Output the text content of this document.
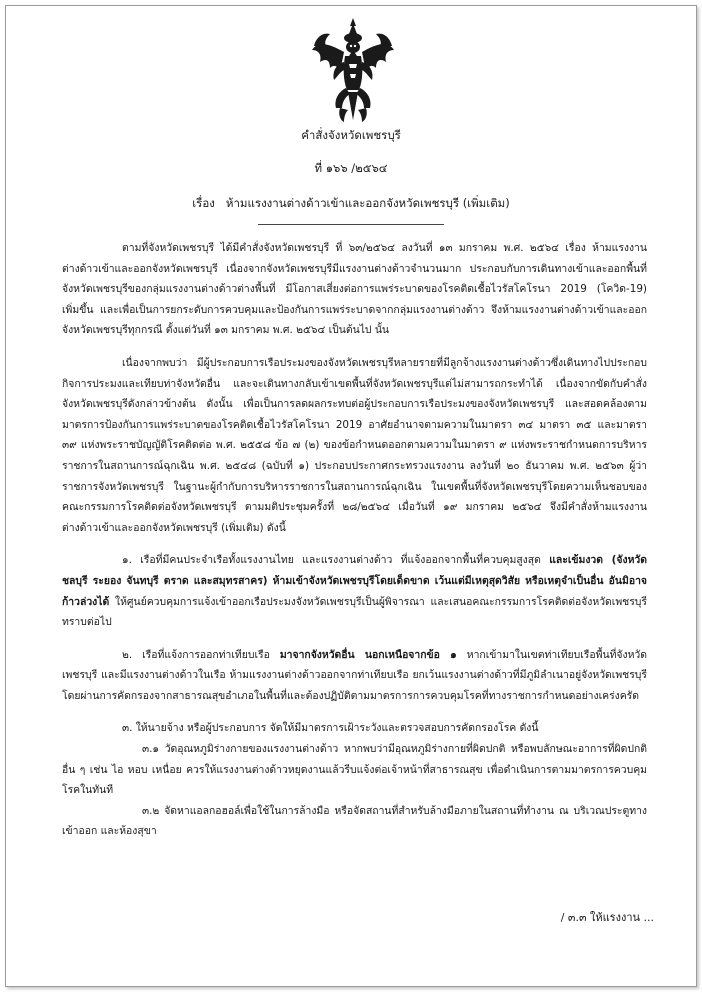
คำสั่งจังหวัดเพชรบุรี
ที่ ๑๖๖ /๒๕๖๔
เรื่อง ห้ามแรงงานต่างด้าวเข้าและออกจังหวัดเพชรบุรี (เพิ่มเติม)

ตามที่จังหวัดเพชรบุรี ได้มีคำสั่งจังหวัดเพชรบุรี ที่ ๖๓/๒๕๖๔ ลงวันที่ ๑๓ มกราคม พ.ศ. ๒๕๖๔ เรื่อง ห้ามแรงงานต่างด้าวเข้าและออกจังหวัดเพชรบุรี เนื่องจากจังหวัดเพชรบุรีมีแรงงานต่างด้าวจำนวนมาก ประกอบกับการเดินทางเข้าและออกพื้นที่จังหวัดเพชรบุรีของกลุ่มแรงงานต่างด้าวต่างพื้นที่ มีโอกาสเสี่ยงต่อการแพร่ระบาดของโรคติดเชื้อไวรัสโคโรนา 2019 (โควิด-19) เพิ่มขึ้น และเพื่อเป็นการยกระดับการควบคุมและป้องกันการแพร่ระบาดจากกลุ่มแรงงานต่างด้าว จึงห้ามแรงงานต่างด้าวเข้าและออกจังหวัดเพชรบุรีทุกกรณี ตั้งแต่วันที่ ๑๓ มกราคม พ.ศ. ๒๕๖๔ เป็นต้นไป นั้น

เนื่องจากพบว่า มีผู้ประกอบการเรือประมงของจังหวัดเพชรบุรีหลายรายที่มีลูกจ้างแรงงานต่างด้าวซึ่งเดินทางไปประกอบกิจการประมงและเทียบท่าจังหวัดอื่น และจะเดินทางกลับเข้าเขตพื้นที่จังหวัดเพชรบุรีแต่ไม่สามารถกระทำได้ เนื่องจากขัดกับคำสั่งจังหวัดเพชรบุรีดังกล่าวข้างต้น ดังนั้น เพื่อเป็นการลดผลกระทบต่อผู้ประกอบการเรือประมงของจังหวัดเพชรบุรี และสอดคล้องตามมาตรการป้องกันการแพร่ระบาดของโรคติดเชื้อไวรัสโคโรนา 2019 อาศัยอำนาจตามความในมาตรา ๓๔ มาตรา ๓๕ และมาตรา ๓๙ แห่งพระราชบัญญัติโรคติดต่อ พ.ศ. ๒๕๕๘ ข้อ ๗ (๒) ของข้อกำหนดออกตามความในมาตรา ๙ แห่งพระราชกำหนดการบริหารราชการในสถานการณ์ฉุกเฉิน พ.ศ. ๒๕๔๘ (ฉบับที่ ๑) ประกอบประกาศกระทรวงแรงงาน ลงวันที่ ๒๐ ธันวาคม พ.ศ. ๒๕๖๓ ผู้ว่าราชการจังหวัดเพชรบุรี ในฐานะผู้กำกับการบริหารราชการในสถานการณ์ฉุกเฉิน ในเขตพื้นที่จังหวัดเพชรบุรีโดยความเห็นชอบของคณะกรรมการโรคติดต่อจังหวัดเพชรบุรี ตามมติประชุมครั้งที่ ๒๘/๒๕๖๔ เมื่อวันที่ ๑๙ มกราคม ๒๕๖๔ จึงมีคำสั่งห้ามแรงงานต่างด้าวเข้าและออกจังหวัดเพชรบุรี (เพิ่มเติม) ดังนี้

๑. เรือที่มีคนประจำเรือทั้งแรงงานไทย และแรงงานต่างด้าว ที่แจ้งออกจากพื้นที่ควบคุมสูงสุด และเข้มงวด (จังหวัดชลบุรี ระยอง จันทบุรี ตราด และสมุทรสาคร) ห้ามเข้าจังหวัดเพชรบุรีโดยเด็ดขาด เว้นแต่มีเหตุสุดวิสัย หรือเหตุจำเป็นอื่น อันมิอาจก้าวล่วงได้ ให้ศูนย์ควบคุมการแจ้งเข้าออกเรือประมงจังหวัดเพชรบุรีเป็นผู้พิจารณา และเสนอคณะกรรมการโรคติดต่อจังหวัดเพชรบุรีทราบต่อไป

๒. เรือที่แจ้งการออกท่าเทียบเรือ มาจากจังหวัดอื่น นอกเหนือจากข้อ ๑ หากเข้ามาในเขตท่าเทียบเรือพื้นที่จังหวัดเพชรบุรี และมีแรงงานต่างด้าวในเรือ ห้ามแรงงานต่างด้าวออกจากท่าเทียบเรือ ยกเว้นแรงงานต่างด้าวที่มีภูมิลำเนาอยู่จังหวัดเพชรบุรี โดยผ่านการคัดกรองจากสาธารณสุขอำเภอในพื้นที่และต้องปฏิบัติตามมาตรการการควบคุมโรคที่ทางราชการกำหนดอย่างเคร่งครัด

๓. ให้นายจ้าง หรือผู้ประกอบการ จัดให้มีมาตรการเฝ้าระวังและตรวจสอบการคัดกรองโรค ดังนี้

๓.๑ วัดอุณหภูมิร่างกายของแรงงานต่างด้าว หากพบว่ามีอุณหภูมิร่างกายที่ผิดปกติ หรือพบลักษณะอาการที่ผิดปกติอื่น ๆ เช่น ไอ หอบ เหนื่อย ควรให้แรงงานต่างด้าวหยุดงานแล้วรีบแจ้งต่อเจ้าหน้าที่สาธารณสุข เพื่อดำเนินการตามมาตรการควบคุมโรคในทันที

๓.๒ จัดหาแอลกอฮอล์เพื่อใช้ในการล้างมือ หรือจัดสถานที่สำหรับล้างมือภายในสถานที่ทำงาน ณ บริเวณประตูทางเข้าออก และห้องสุขา

/ ๓.๓ ให้แรงงาน ...
